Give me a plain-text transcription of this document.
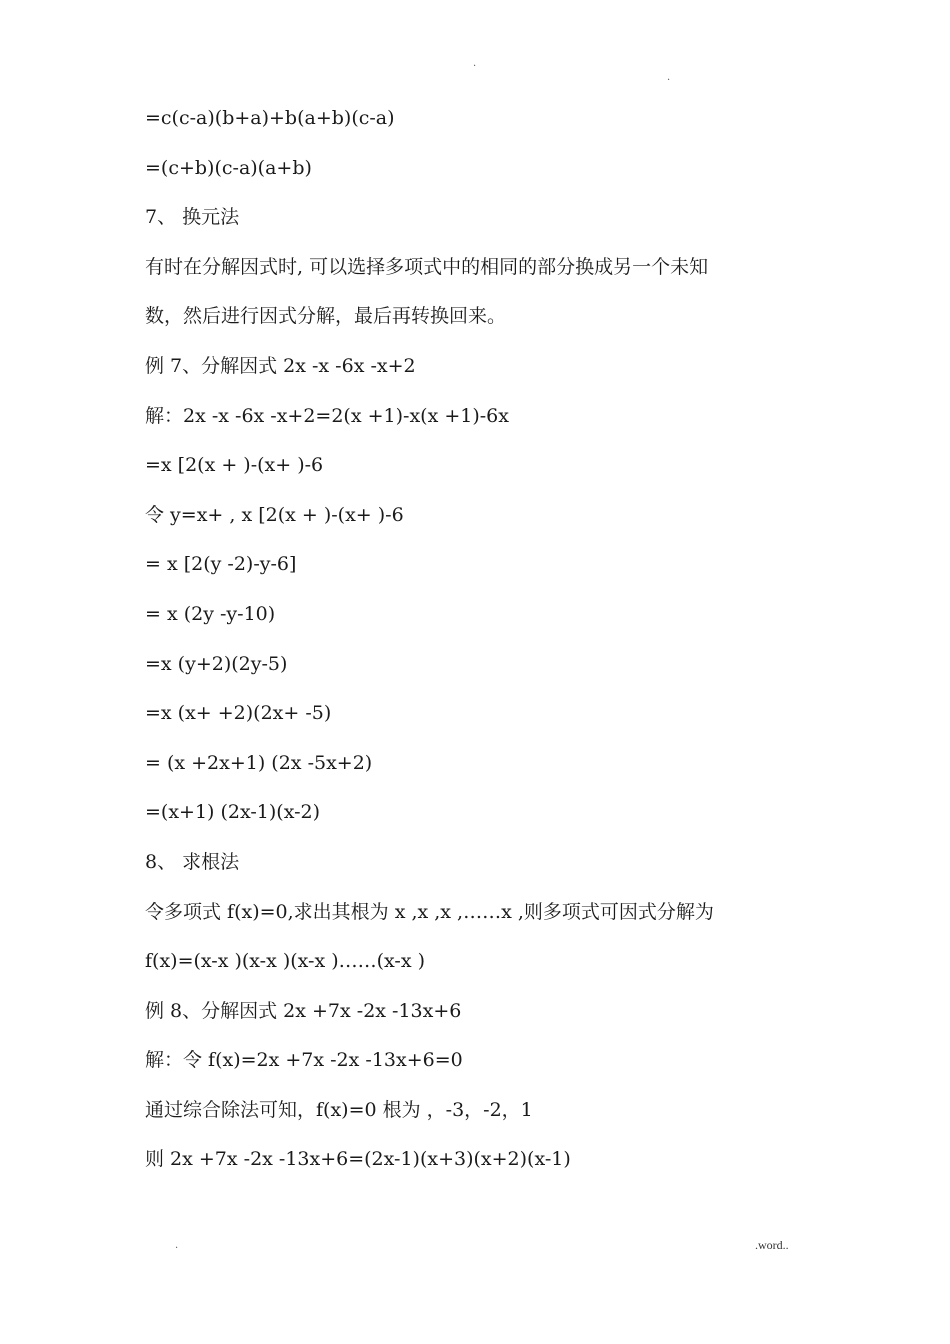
.
.
=c(c-a)(b+a)+b(a+b)(c-a)
=(c+b)(c-a)(a+b)
7、 换元法
有时在分解因式时, 可以选择多项式中的相同的部分换成另一个未知
数，然后进行因式分解，最后再转换回来。
例 7、分解因式 2x -x -6x -x+2
解：2x -x -6x -x+2=2(x +1)-x(x +1)-6x
=x [2(x + )-(x+ )-6
令 y=x+ , x [2(x + )-(x+ )-6
= x [2(y -2)-y-6]
= x (2y -y-10)
=x (y+2)(2y-5)
=x (x+ +2)(2x+ -5)
= (x +2x+1) (2x -5x+2)
=(x+1) (2x-1)(x-2)
8、 求根法
令多项式 f(x)=0,求出其根为 x ,x ,x ,……x ,则多项式可因式分解为
f(x)=(x-x )(x-x )(x-x )……(x-x )
例 8、分解因式 2x +7x -2x -13x+6
解：令 f(x)=2x +7x -2x -13x+6=0
通过综合除法可知，f(x)=0 根为 ，-3，-2，1
则 2x +7x -2x -13x+6=(2x-1)(x+3)(x+2)(x-1)
.	.word..
